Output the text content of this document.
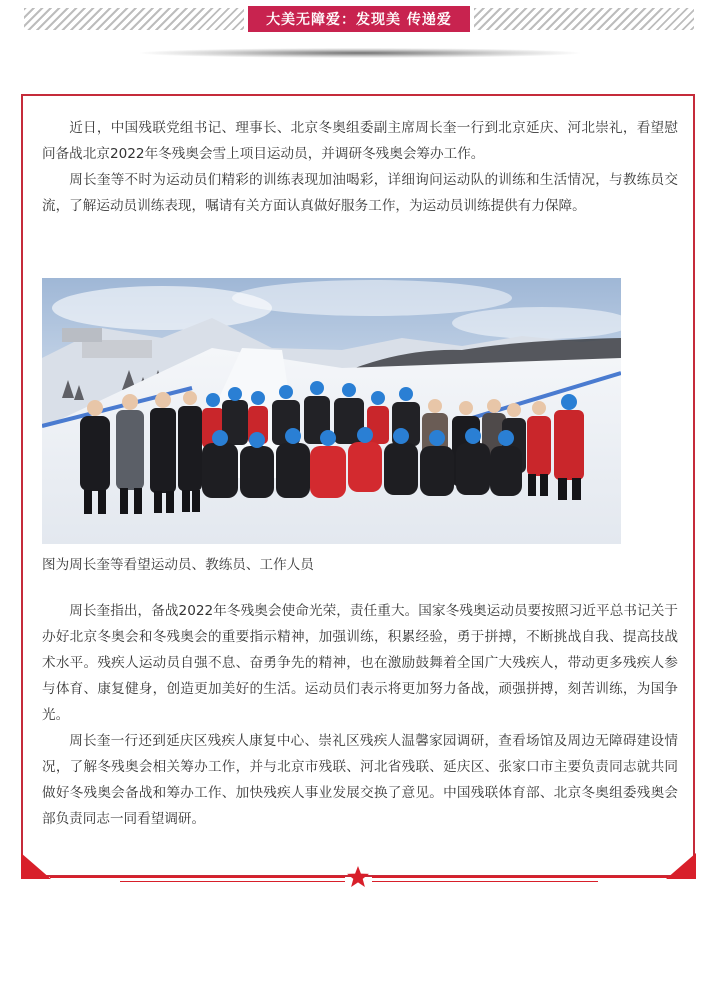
大美无障爱：发现美 传递爱

近日，中国残联党组书记、理事长、北京冬奥组委副主席周长奎一行到北京延庆、河北崇礼，看望慰问备战北京2022年冬残奥会雪上项目运动员，并调研冬残奥会筹办工作。

周长奎等不时为运动员们精彩的训练表现加油喝彩，详细询问运动队的训练和生活情况，与教练员交流，了解运动员训练表现，嘱请有关方面认真做好服务工作，为运动员训练提供有力保障。

图为周长奎等看望运动员、教练员、工作人员

周长奎指出，备战2022年冬残奥会使命光荣，责任重大。国家冬残奥运动员要按照习近平总书记关于办好北京冬奥会和冬残奥会的重要指示精神，加强训练，积累经验，勇于拼搏，不断挑战自我、提高技战术水平。残疾人运动员自强不息、奋勇争先的精神，也在激励鼓舞着全国广大残疾人，带动更多残疾人参与体育、康复健身，创造更加美好的生活。运动员们表示将更加努力备战，顽强拼搏，刻苦训练，为国争光。

周长奎一行还到延庆区残疾人康复中心、崇礼区残疾人温馨家园调研，查看场馆及周边无障碍建设情况，了解冬残奥会相关筹办工作，并与北京市残联、河北省残联、延庆区、张家口市主要负责同志就共同做好冬残奥会备战和筹办工作、加快残疾人事业发展交换了意见。中国残联体育部、北京冬奥组委残奥会部负责同志一同看望调研。
